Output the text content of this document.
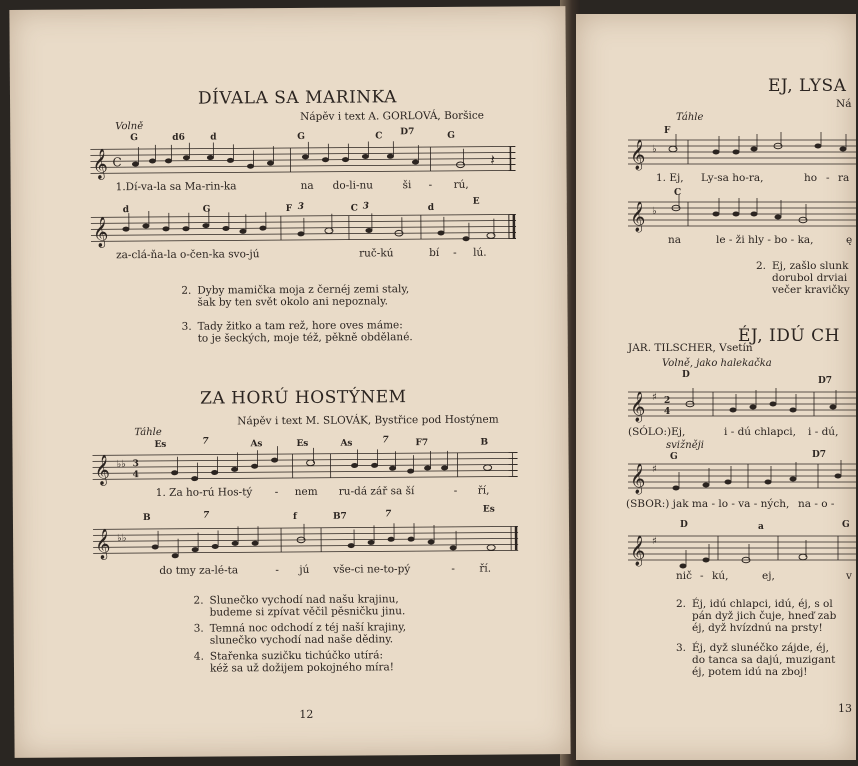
DÍVALA SA MARINKA
Nápěv i text A. GORLOVÁ, Boršice
Volně
G	d6	d	G	C D7	G
𝄞 C	𝄽
1.Dí-va-la sa Ma-rin-ka	na do-li-nu	ši - rú,
d	G	F 3	C 3	d
E
𝄞
za-clá-ňa-la o-čen-ka svo-jú	ruč-kú	bí - lú.
2. Dyby mamička moja z černéj zemi staly,
šak by ten svět okolo ani nepoznaly.
3. Tady žitko a tam rež, hore oves máme:
to je šeckých, moje též, pěkně obdělané.
ZA HORÚ HOSTÝNEM
Nápěv i text M. SLOVÁK, Bystřice pod Hostýnem
Táhle
Es	7	As	Es	As	7	F7	B
𝄞 ♭♭ 3
4
1. Za ho-rú Hos-tý - nem ru-dá zář sa ší	- ří,
B	7	f	B7	7	Es
𝄞 ♭♭
do tmy za-lé-ta	- jú vše-ci ne-to-pý	- ří.
2. Slunečko vychodí nad našu krajinu,
budeme si zpívat věčil pěsničku jinu.
3. Temná noc odchodí z téj naší krajiny,
slunečko vychodí nad naše dědiny.
4. Stařenka suzičku tichúčko utírá:
kéž sa už dožijem pokojného míra!
12
EJ, LYSA
Ná
Táhle
F
𝄞 ♭
1. Ej, Ly-sa ho-ra,	ho - ra
C
𝄞 ♭
na	le - ži hly - bo - ka,	ę
2. Ej, zašlo slunk
dorubol drviai
večer kravičky
ÉJ, IDÚ CH
JAR. TILSCHER, Vsetín
Volně, jako halekačka
D
D7
𝄞 ♯ 2
4
(SÓLO:)Ej,	i - dú chlapci, i - dú,
svižněji
G	D7
𝄞 ♯
(SBOR:) jak ma - lo - va - ných, na - o -
D	a	G
𝄞 ♯
nič - kú,	ej,	v
2. Éj, idú chlapci, idú, éj, s ol
pán dyž jich čuje, hneď zab
éj, dyž hvízdnú na prsty!
3. Éj, dyž slunéčko zájde, éj,
do tanca sa dajú, muzigant
éj, potem idú na zboj!
13
